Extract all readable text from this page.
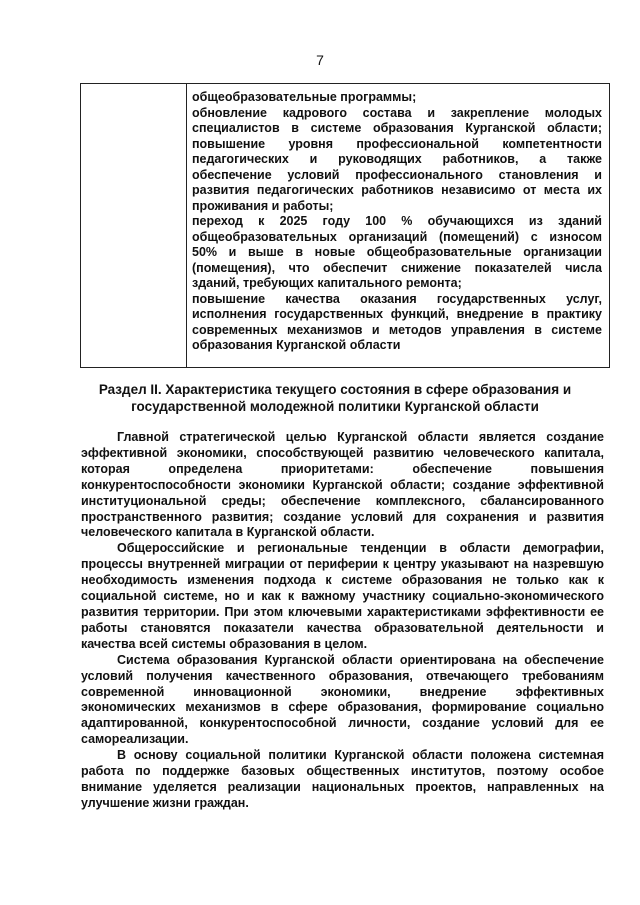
7
общеобразовательные программы;
обновление кадрового состава и закрепление молодых
специалистов в системе образования Курганской области;
повышение уровня профессиональной компетентности
педагогических и руководящих работников, а также
обеспечение условий профессионального становления и
развития педагогических работников независимо от места их
проживания и работы;
переход к 2025 году 100 % обучающихся из зданий
общеобразовательных организаций (помещений) с износом
50% и выше в новые общеобразовательные организации
(помещения), что обеспечит снижение показателей числа
зданий, требующих капитального ремонта;
повышение качества оказания государственных услуг,
исполнения государственных функций, внедрение в практику
современных механизмов и методов управления в системе
образования Курганской области
Раздел II. Характеристика текущего состояния в сфере образования и
государственной молодежной политики Курганской области
Главной стратегической целью Курганской области является создание
эффективной экономики, способствующей развитию человеческого капитала,
которая определена приоритетами: обеспечение повышения
конкурентоспособности экономики Курганской области; создание эффективной
институциональной среды; обеспечение комплексного, сбалансированного
пространственного развития; создание условий для сохранения и развития
человеческого капитала в Курганской области.
Общероссийские и региональные тенденции в области демографии,
процессы внутренней миграции от периферии к центру указывают на назревшую
необходимость изменения подхода к системе образования не только как к
социальной системе, но и как к важному участнику социально-экономического
развития территории. При этом ключевыми характеристиками эффективности ее
работы становятся показатели качества образовательной деятельности и
качества всей системы образования в целом.
Система образования Курганской области ориентирована на обеспечение
условий получения качественного образования, отвечающего требованиям
современной инновационной экономики, внедрение эффективных
экономических механизмов в сфере образования, формирование социально
адаптированной, конкурентоспособной личности, создание условий для ее
самореализации.
В основу социальной политики Курганской области положена системная
работа по поддержке базовых общественных институтов, поэтому особое
внимание уделяется реализации национальных проектов, направленных на
улучшение жизни граждан.
